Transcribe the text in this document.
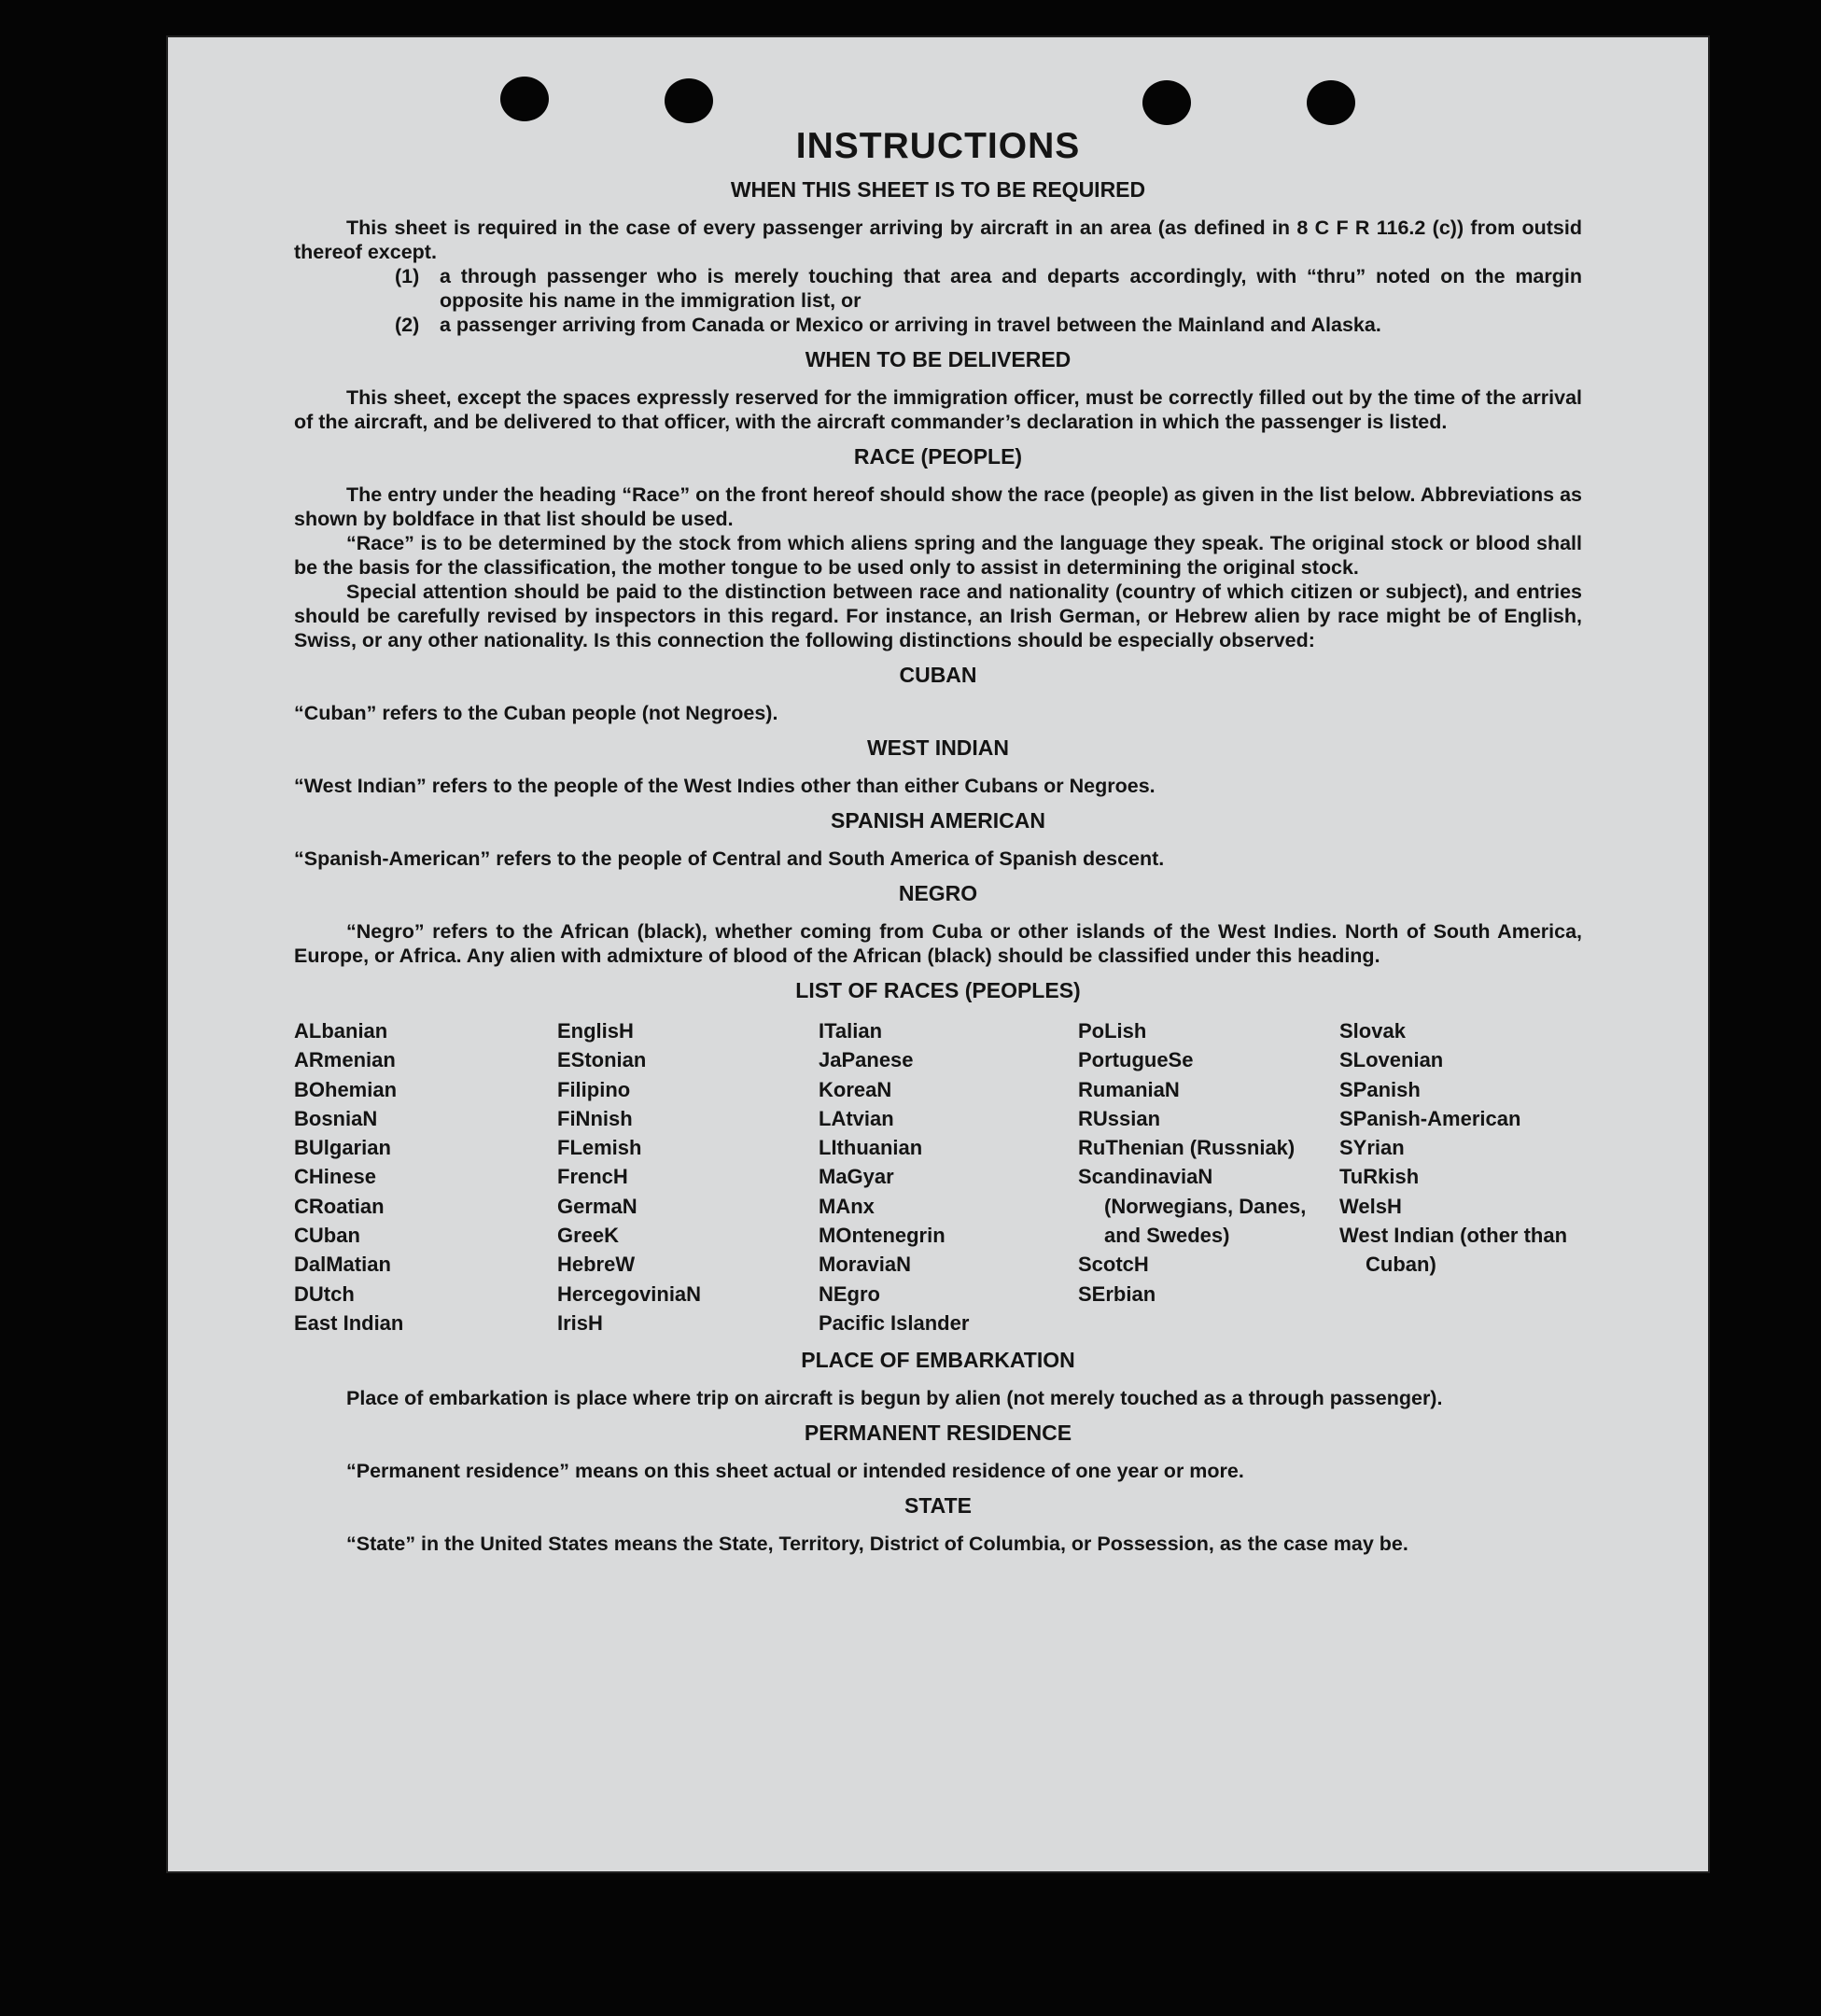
INSTRUCTIONS
WHEN THIS SHEET IS TO BE REQUIRED

This sheet is required in the case of every passenger arriving by aircraft in an area (as defined in 8 C F R 116.2 (c)) from outsid thereof except.

(1)	a through passenger who is merely touching that area and departs accordingly, with “thru” noted on the margin opposite his name in the immigration list, or
(2)	a passenger arriving from Canada or Mexico or arriving in travel between the Mainland and Alaska.
WHEN TO BE DELIVERED

This sheet, except the spaces expressly reserved for the immigration officer, must be correctly filled out by the time of the arrival of the aircraft, and be delivered to that officer, with the aircraft commander’s declaration in which the passenger is listed.

RACE (PEOPLE)

The entry under the heading “Race” on the front hereof should show the race (people) as given in the list below. Abbreviations as shown by boldface in that list should be used.

“Race” is to be determined by the stock from which aliens spring and the language they speak. The original stock or blood shall be the basis for the classification, the mother tongue to be used only to assist in determining the original stock.

Special attention should be paid to the distinction between race and nationality (country of which citizen or subject), and entries should be carefully revised by inspectors in this regard. For instance, an Irish German, or Hebrew alien by race might be of English, Swiss, or any other nationality. Is this connection the following distinctions should be especially observed:

CUBAN

“Cuban” refers to the Cuban people (not Negroes).

WEST INDIAN

“West Indian” refers to the people of the West Indies other than either Cubans or Negroes.

SPANISH AMERICAN

“Spanish-American” refers to the people of Central and South America of Spanish descent.

NEGRO

“Negro” refers to the African (black), whether coming from Cuba or other islands of the West Indies. North of South America, Europe, or Africa. Any alien with admixture of blood of the African (black) should be classified under this heading.

LIST OF RACES (PEOPLES)
ALbanian
ARmenian
BOhemian
BosniaN
BUlgarian
CHinese
CRoatian
CUban
DalMatian
DUtch
East Indian
EnglisH
EStonian
Filipino
FiNnish
FLemish
FrencH
GermaN
GreeK
HebreW
HercegoviniaN
IrisH
ITalian
JaPanese
KoreaN
LAtvian
LIthuanian
MaGyar
MAnx
MOntenegrin
MoraviaN
NEgro
Pacific Islander
PoLish
PortugueSe
RumaniaN
RUssian
RuThenian (Russniak)
ScandinaviaN (Norwegians, Danes, and Swedes)
ScotcH
SErbian
Slovak
SLovenian
SPanish
SPanish-American
SYrian
TuRkish
WelsH
West Indian (other than Cuban)
PLACE OF EMBARKATION

Place of embarkation is place where trip on aircraft is begun by alien (not merely touched as a through passenger).

PERMANENT RESIDENCE

“Permanent residence” means on this sheet actual or intended residence of one year or more.

STATE

“State” in the United States means the State, Territory, District of Columbia, or Possession, as the case may be.
